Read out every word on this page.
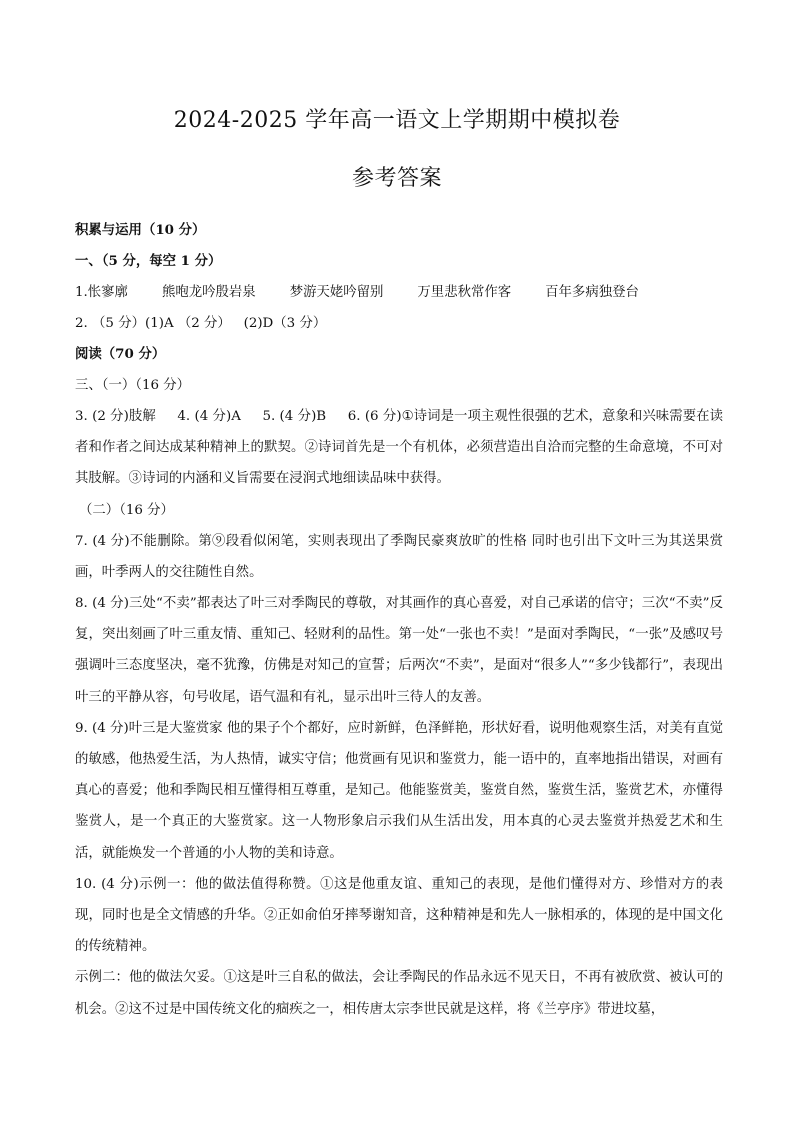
2024-2025 学年高一语文上学期期中模拟卷
参考答案
积累与运用（10 分）
一、（5 分，每空 1 分）
1.怅寥廓	熊咆龙吟殷岩泉	梦游天姥吟留别	万里悲秋常作客	百年多病独登台
2. （5 分）(1)A （2 分）   (2)D（3 分）
阅读（70 分）
三、（一）（16 分）
3. (2 分)肢解     4. (4 分)A     5. (4 分)B     6. (6 分)①诗词是一项主观性很强的艺术，意象和兴味需要在读者和作者之间达成某种精神上的默契。②诗词首先是一个有机体，必须营造出自洽而完整的生命意境，不可对其肢解。③诗词的内涵和义旨需要在浸润式地细读品味中获得。
（二）（16 分）
7. (4 分)不能删除。第⑨段看似闲笔，实则表现出了季陶民豪爽放旷的性格 同时也引出下文叶三为其送果赏画，叶季两人的交往随性自然。
8. (4 分)三处“不卖”都表达了叶三对季陶民的尊敬，对其画作的真心喜爱，对自己承诺的信守；三次“不卖”反复，突出刻画了叶三重友情、重知己、轻财利的品性。第一处“一张也不卖！”是面对季陶民，“一张”及感叹号强调叶三态度坚决，毫不犹豫，仿佛是对知己的宣誓；后两次“不卖”，是面对“很多人”“多少钱都行”，表现出叶三的平静从容，句号收尾，语气温和有礼，显示出叶三待人的友善。
9. (4 分)叶三是大鉴赏家 他的果子个个都好，应时新鲜，色泽鲜艳，形状好看，说明他观察生活，对美有直觉的敏感，他热爱生活，为人热情，诚实守信；他赏画有见识和鉴赏力，能一语中的，直率地指出错误，对画有真心的喜爱；他和季陶民相互懂得相互尊重，是知己。他能鉴赏美，鉴赏自然，鉴赏生活，鉴赏艺术，亦懂得鉴赏人，是一个真正的大鉴赏家。这一人物形象启示我们从生活出发，用本真的心灵去鉴赏并热爱艺术和生活，就能焕发一个普通的小人物的美和诗意。
10. (4 分)示例一：他的做法值得称赞。①这是他重友谊、重知己的表现，是他们懂得对方、珍惜对方的表现，同时也是全文情感的升华。②正如俞伯牙摔琴谢知音，这种精神是和先人一脉相承的，体现的是中国文化的传统精神。
示例二：他的做法欠妥。①这是叶三自私的做法，会让季陶民的作品永远不见天日，不再有被欣赏、被认可的机会。②这不过是中国传统文化的痼疾之一，相传唐太宗李世民就是这样，将《兰亭序》带进坟墓，
